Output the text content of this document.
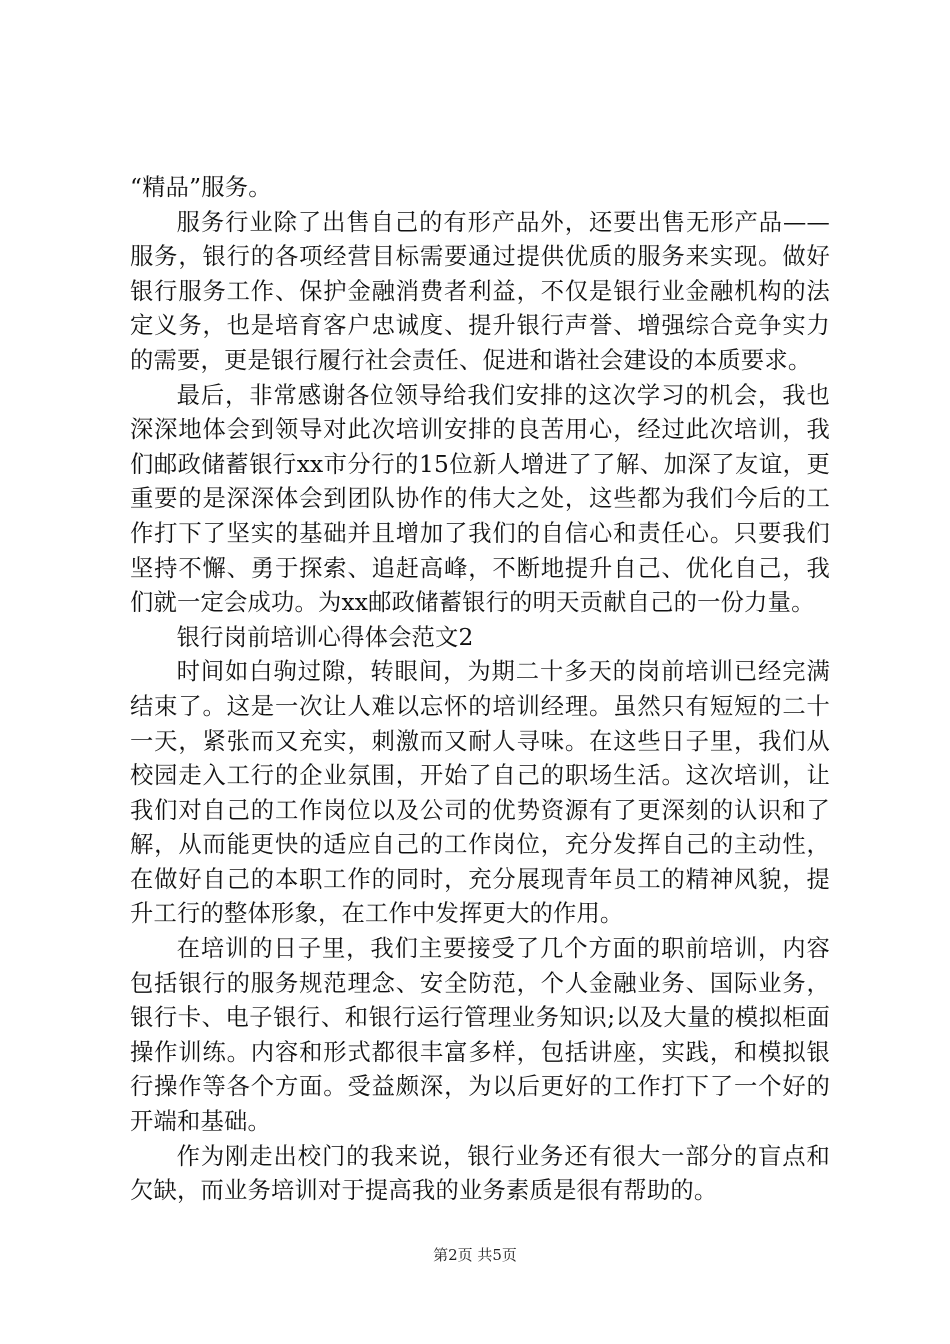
“精品”服务。

服务行业除了出售自己的有形产品外，还要出售无形产品——服务，银行的各项经营目标需要通过提供优质的服务来实现。做好银行服务工作、保护金融消费者利益，不仅是银行业金融机构的法定义务，也是培育客户忠诚度、提升银行声誉、增强综合竞争实力的需要，更是银行履行社会责任、促进和谐社会建设的本质要求。

最后，非常感谢各位领导给我们安排的这次学习的机会，我也深深地体会到领导对此次培训安排的良苦用心，经过此次培训，我们邮政储蓄银行xx市分行的15位新人增进了了解、加深了友谊，更重要的是深深体会到团队协作的伟大之处，这些都为我们今后的工作打下了坚实的基础并且增加了我们的自信心和责任心。只要我们坚持不懈、勇于探索、追赶高峰，不断地提升自己、优化自己，我们就一定会成功。为xx邮政储蓄银行的明天贡献自己的一份力量。

银行岗前培训心得体会范文2

时间如白驹过隙，转眼间，为期二十多天的岗前培训已经完满结束了。这是一次让人难以忘怀的培训经理。虽然只有短短的二十一天，紧张而又充实，刺激而又耐人寻味。在这些日子里，我们从校园走入工行的企业氛围，开始了自己的职场生活。这次培训，让我们对自己的工作岗位以及公司的优势资源有了更深刻的认识和了解，从而能更快的适应自己的工作岗位，充分发挥自己的主动性，在做好自己的本职工作的同时，充分展现青年员工的精神风貌，提升工行的整体形象，在工作中发挥更大的作用。

在培训的日子里，我们主要接受了几个方面的职前培训，内容包括银行的服务规范理念、安全防范，个人金融业务、国际业务，银行卡、电子银行、和银行运行管理业务知识;以及大量的模拟柜面操作训练。内容和形式都很丰富多样，包括讲座，实践，和模拟银行操作等各个方面。受益颇深，为以后更好的工作打下了一个好的开端和基础。

作为刚走出校门的我来说，银行业务还有很大一部分的盲点和欠缺，而业务培训对于提高我的业务素质是很有帮助的。

第2页 共5页
